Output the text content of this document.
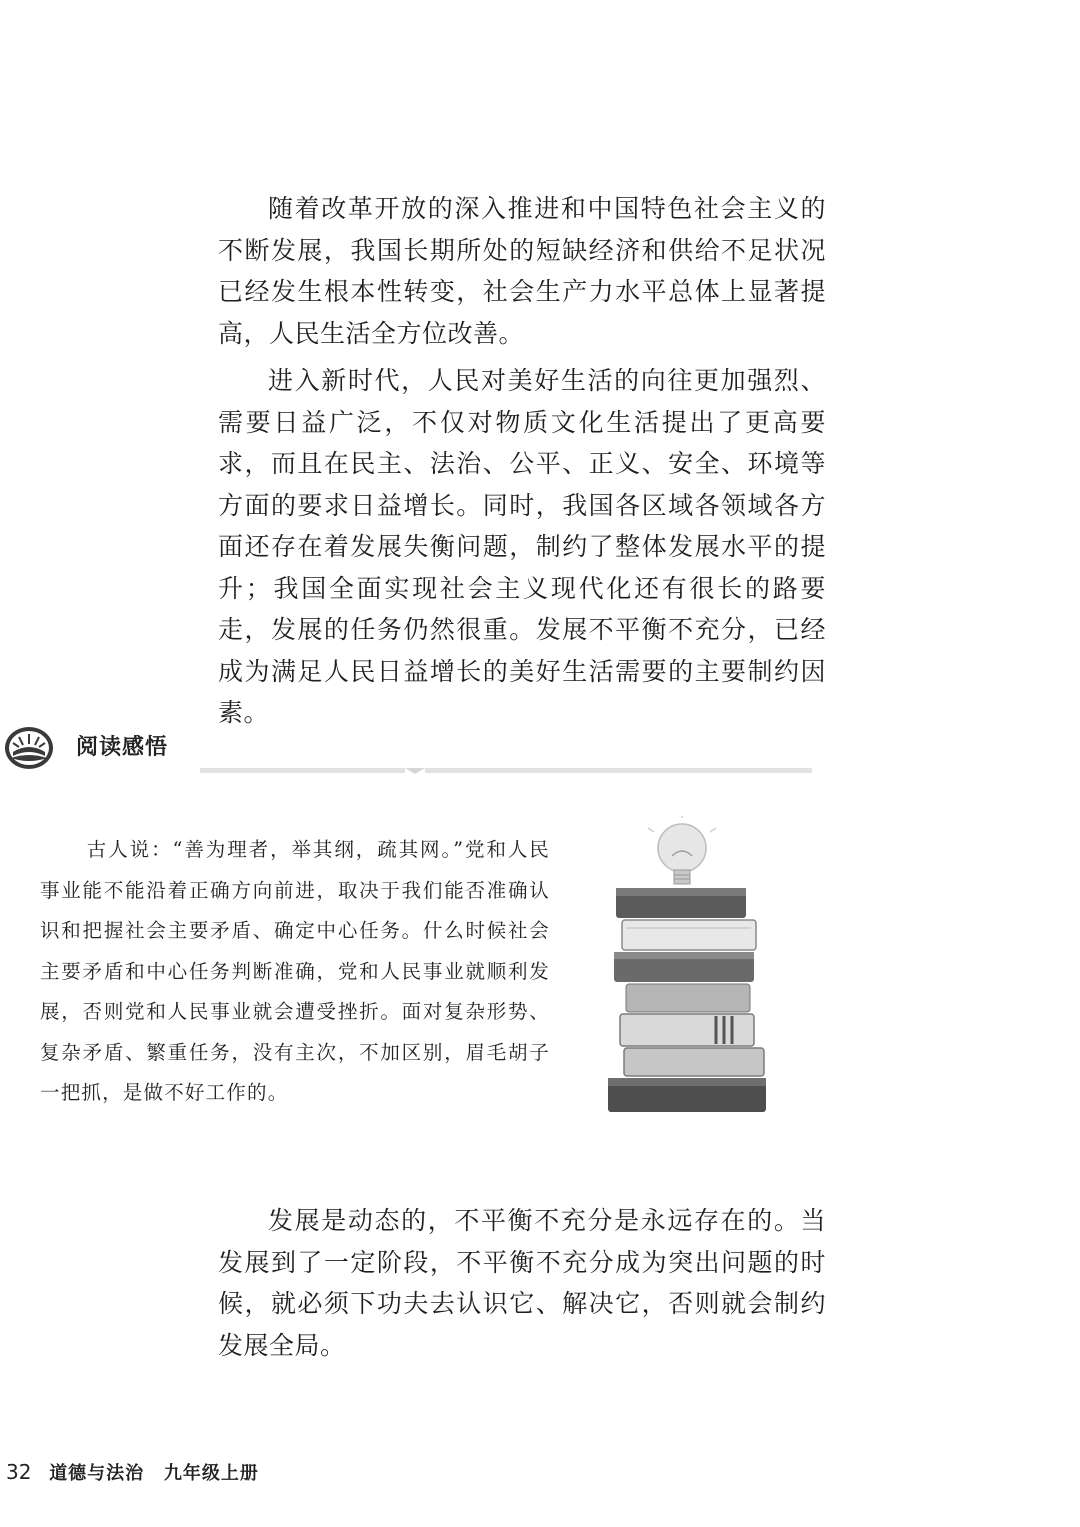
随着改革开放的深入推进和中国特色社会主义的不断发展，我国长期所处的短缺经济和供给不足状况已经发生根本性转变，社会生产力水平总体上显著提高，人民生活全方位改善。

进入新时代，人民对美好生活的向往更加强烈、需要日益广泛，不仅对物质文化生活提出了更高要求，而且在民主、法治、公平、正义、安全、环境等方面的要求日益增长。同时，我国各区域各领域各方面还存在着发展失衡问题，制约了整体发展水平的提升；我国全面实现社会主义现代化还有很长的路要走，发展的任务仍然很重。发展不平衡不充分，已经成为满足人民日益增长的美好生活需要的主要制约因素。

阅读感悟

古人说：“善为理者，举其纲，疏其网。”党和人民事业能不能沿着正确方向前进，取决于我们能否准确认识和把握社会主要矛盾、确定中心任务。什么时候社会主要矛盾和中心任务判断准确，党和人民事业就顺利发展，否则党和人民事业就会遭受挫折。面对复杂形势、复杂矛盾、繁重任务，没有主次，不加区别，眉毛胡子一把抓，是做不好工作的。

发展是动态的，不平衡不充分是永远存在的。当发展到了一定阶段，不平衡不充分成为突出问题的时候，就必须下功夫去认识它、解决它，否则就会制约发展全局。

32 道德与法治 九年级上册
